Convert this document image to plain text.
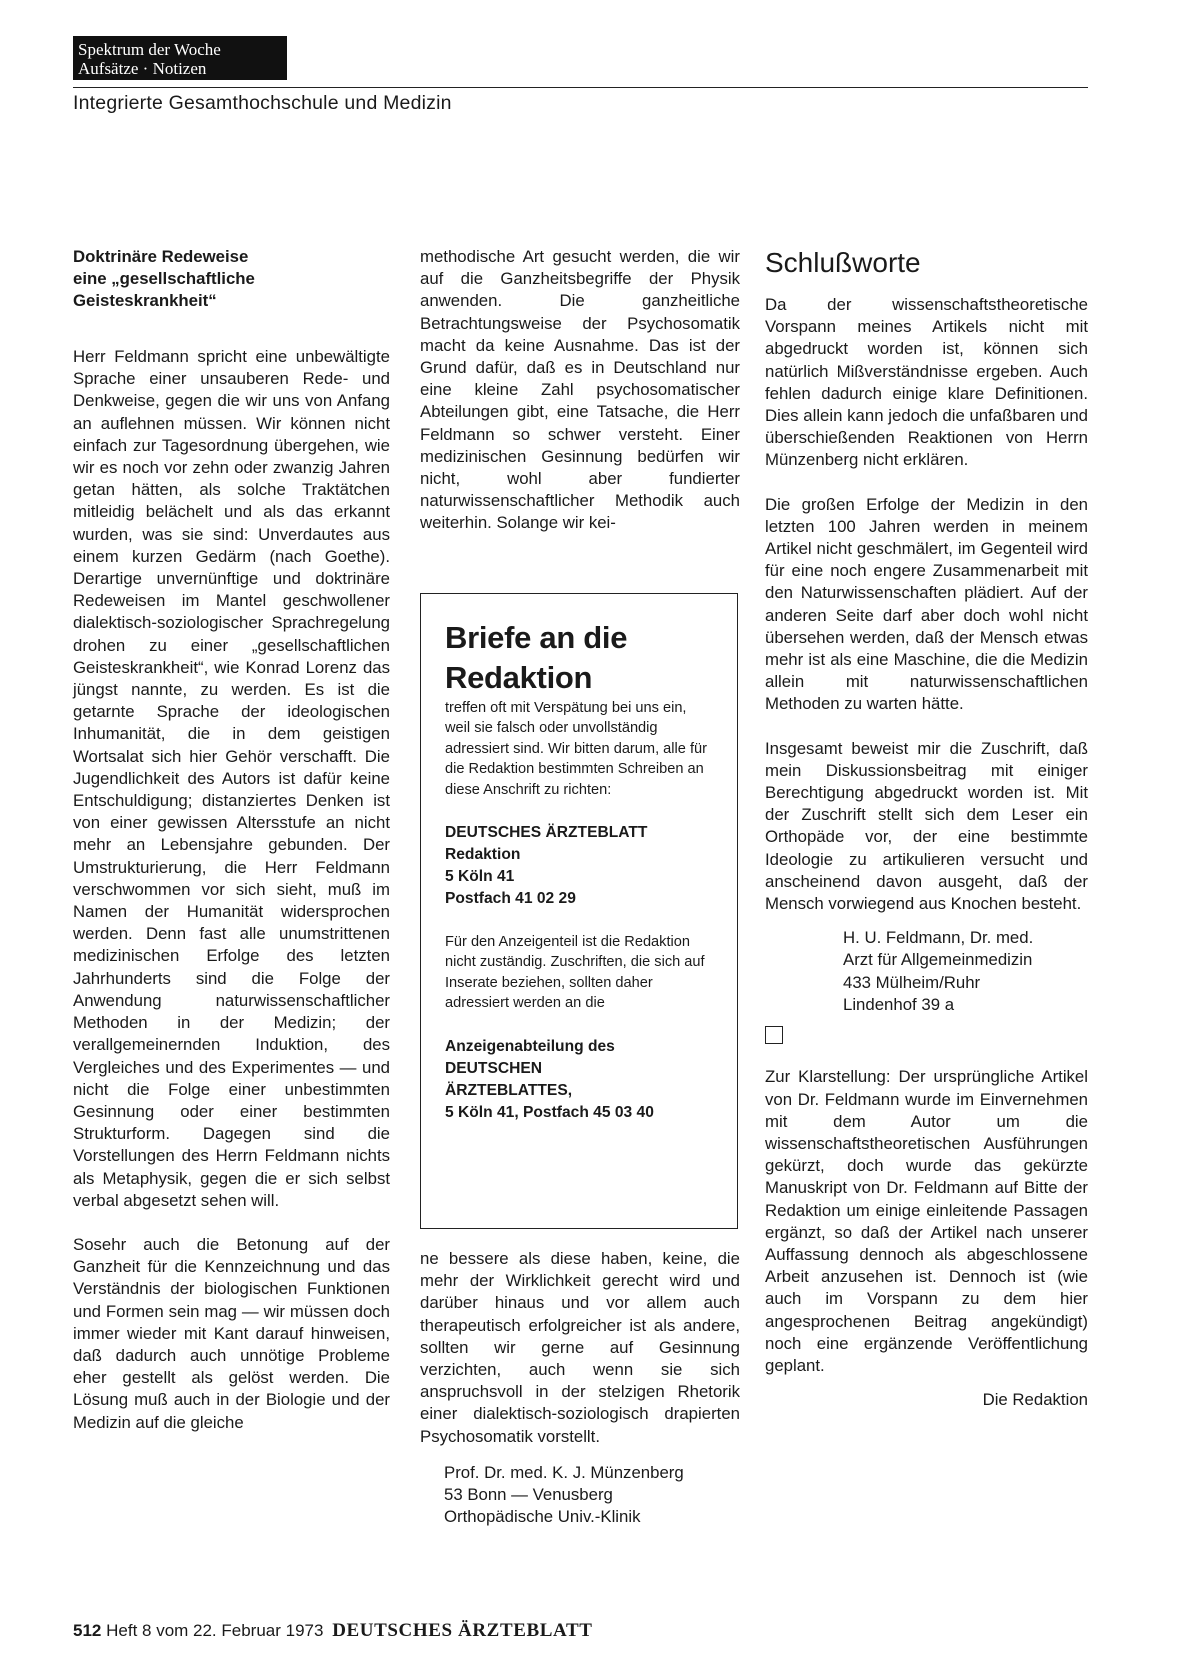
Spektrum der Woche
Aufsätze · Notizen
Integrierte Gesamthochschule und Medizin

Doktrinäre Redeweise
eine „gesellschaftliche
Geisteskrankheit“

Herr Feldmann spricht eine unbewältigte Sprache einer unsauberen Rede- und Denkweise, gegen die wir uns von Anfang an auflehnen müssen. Wir können nicht einfach zur Tagesordnung übergehen, wie wir es noch vor zehn oder zwanzig Jahren getan hätten, als solche Traktätchen mitleidig belächelt und als das erkannt wurden, was sie sind: Unverdautes aus einem kurzen Gedärm (nach Goethe). Derartige unvernünftige und doktrinäre Redeweisen im Mantel geschwollener dialektisch-soziologischer Sprachregelung drohen zu einer „gesellschaftlichen Geisteskrankheit“, wie Konrad Lorenz das jüngst nannte, zu werden. Es ist die getarnte Sprache der ideologischen Inhumanität, die in dem geistigen Wortsalat sich hier Gehör verschafft. Die Jugendlichkeit des Autors ist dafür keine Entschuldigung; distanziertes Denken ist von einer gewissen Altersstufe an nicht mehr an Lebensjahre gebunden. Der Umstrukturierung, die Herr Feldmann verschwommen vor sich sieht, muß im Namen der Humanität widersprochen werden. Denn fast alle unumstrittenen medizinischen Erfolge des letzten Jahrhunderts sind die Folge der Anwendung naturwissenschaftlicher Methoden in der Medizin; der verallgemeinernden Induktion, des Vergleiches und des Experimentes — und nicht die Folge einer unbestimmten Gesinnung oder einer bestimmten Strukturform. Dagegen sind die Vorstellungen des Herrn Feldmann nichts als Metaphysik, gegen die er sich selbst verbal abgesetzt sehen will.

Sosehr auch die Betonung auf der Ganzheit für die Kennzeichnung und das Verständnis der biologischen Funktionen und Formen sein mag — wir müssen doch immer wieder mit Kant darauf hinweisen, daß dadurch auch unnötige Probleme eher gestellt als gelöst werden. Die Lösung muß auch in der Biologie und der Medizin auf die gleiche

methodische Art gesucht werden, die wir auf die Ganzheitsbegriffe der Physik anwenden. Die ganzheitliche Betrachtungsweise der Psychosomatik macht da keine Ausnahme. Das ist der Grund dafür, daß es in Deutschland nur eine kleine Zahl psychosomatischer Abteilungen gibt, eine Tatsache, die Herr Feldmann so schwer versteht. Einer medizinischen Gesinnung bedürfen wir nicht, wohl aber fundierter naturwissenschaftlicher Methodik auch weiterhin. Solange wir kei-

Briefe an die
Redaktion

treffen oft mit Verspätung bei uns ein, weil sie falsch oder unvollständig adressiert sind. Wir bitten darum, alle für die Redaktion bestimmten Schreiben an diese Anschrift zu richten:

DEUTSCHES ÄRZTEBLATT
Redaktion
5 Köln 41
Postfach 41 02 29

Für den Anzeigenteil ist die Redaktion nicht zuständig. Zuschriften, die sich auf Inserate beziehen, sollten daher adressiert werden an die

Anzeigenabteilung des
DEUTSCHEN
ÄRZTEBLATTES,
5 Köln 41, Postfach 45 03 40

ne bessere als diese haben, keine, die mehr der Wirklichkeit gerecht wird und darüber hinaus und vor allem auch therapeutisch erfolgreicher ist als andere, sollten wir gerne auf Gesinnung verzichten, auch wenn sie sich anspruchsvoll in der stelzigen Rhetorik einer dialektisch-soziologisch drapierten Psychosomatik vorstellt.

Prof. Dr. med. K. J. Münzenberg
53 Bonn — Venusberg
Orthopädische Univ.-Klinik

Schlußworte

Da der wissenschaftstheoretische Vorspann meines Artikels nicht mit abgedruckt worden ist, können sich natürlich Mißverständnisse ergeben. Auch fehlen dadurch einige klare Definitionen. Dies allein kann jedoch die unfaßbaren und überschießenden Reaktionen von Herrn Münzenberg nicht erklären.

Die großen Erfolge der Medizin in den letzten 100 Jahren werden in meinem Artikel nicht geschmälert, im Gegenteil wird für eine noch engere Zusammenarbeit mit den Naturwissenschaften plädiert. Auf der anderen Seite darf aber doch wohl nicht übersehen werden, daß der Mensch etwas mehr ist als eine Maschine, die die Medizin allein mit naturwissenschaftlichen Methoden zu warten hätte.

Insgesamt beweist mir die Zuschrift, daß mein Diskussionsbeitrag mit einiger Berechtigung abgedruckt worden ist. Mit der Zuschrift stellt sich dem Leser ein Orthopäde vor, der eine bestimmte Ideologie zu artikulieren versucht und anscheinend davon ausgeht, daß der Mensch vorwiegend aus Knochen besteht.

H. U. Feldmann, Dr. med.
Arzt für Allgemeinmedizin
433 Mülheim/Ruhr
Lindenhof 39 a

Zur Klarstellung: Der ursprüngliche Artikel von Dr. Feldmann wurde im Einvernehmen mit dem Autor um die wissenschaftstheoretischen Ausführungen gekürzt, doch wurde das gekürzte Manuskript von Dr. Feldmann auf Bitte der Redaktion um einige einleitende Passagen ergänzt, so daß der Artikel nach unserer Auffassung dennoch als abgeschlossene Arbeit anzusehen ist. Dennoch ist (wie auch im Vorspann zu dem hier angesprochenen Beitrag angekündigt) noch eine ergänzende Veröffentlichung geplant.

Die Redaktion

512 Heft 8 vom 22. Februar 1973 DEUTSCHES ÄRZTEBLATT
